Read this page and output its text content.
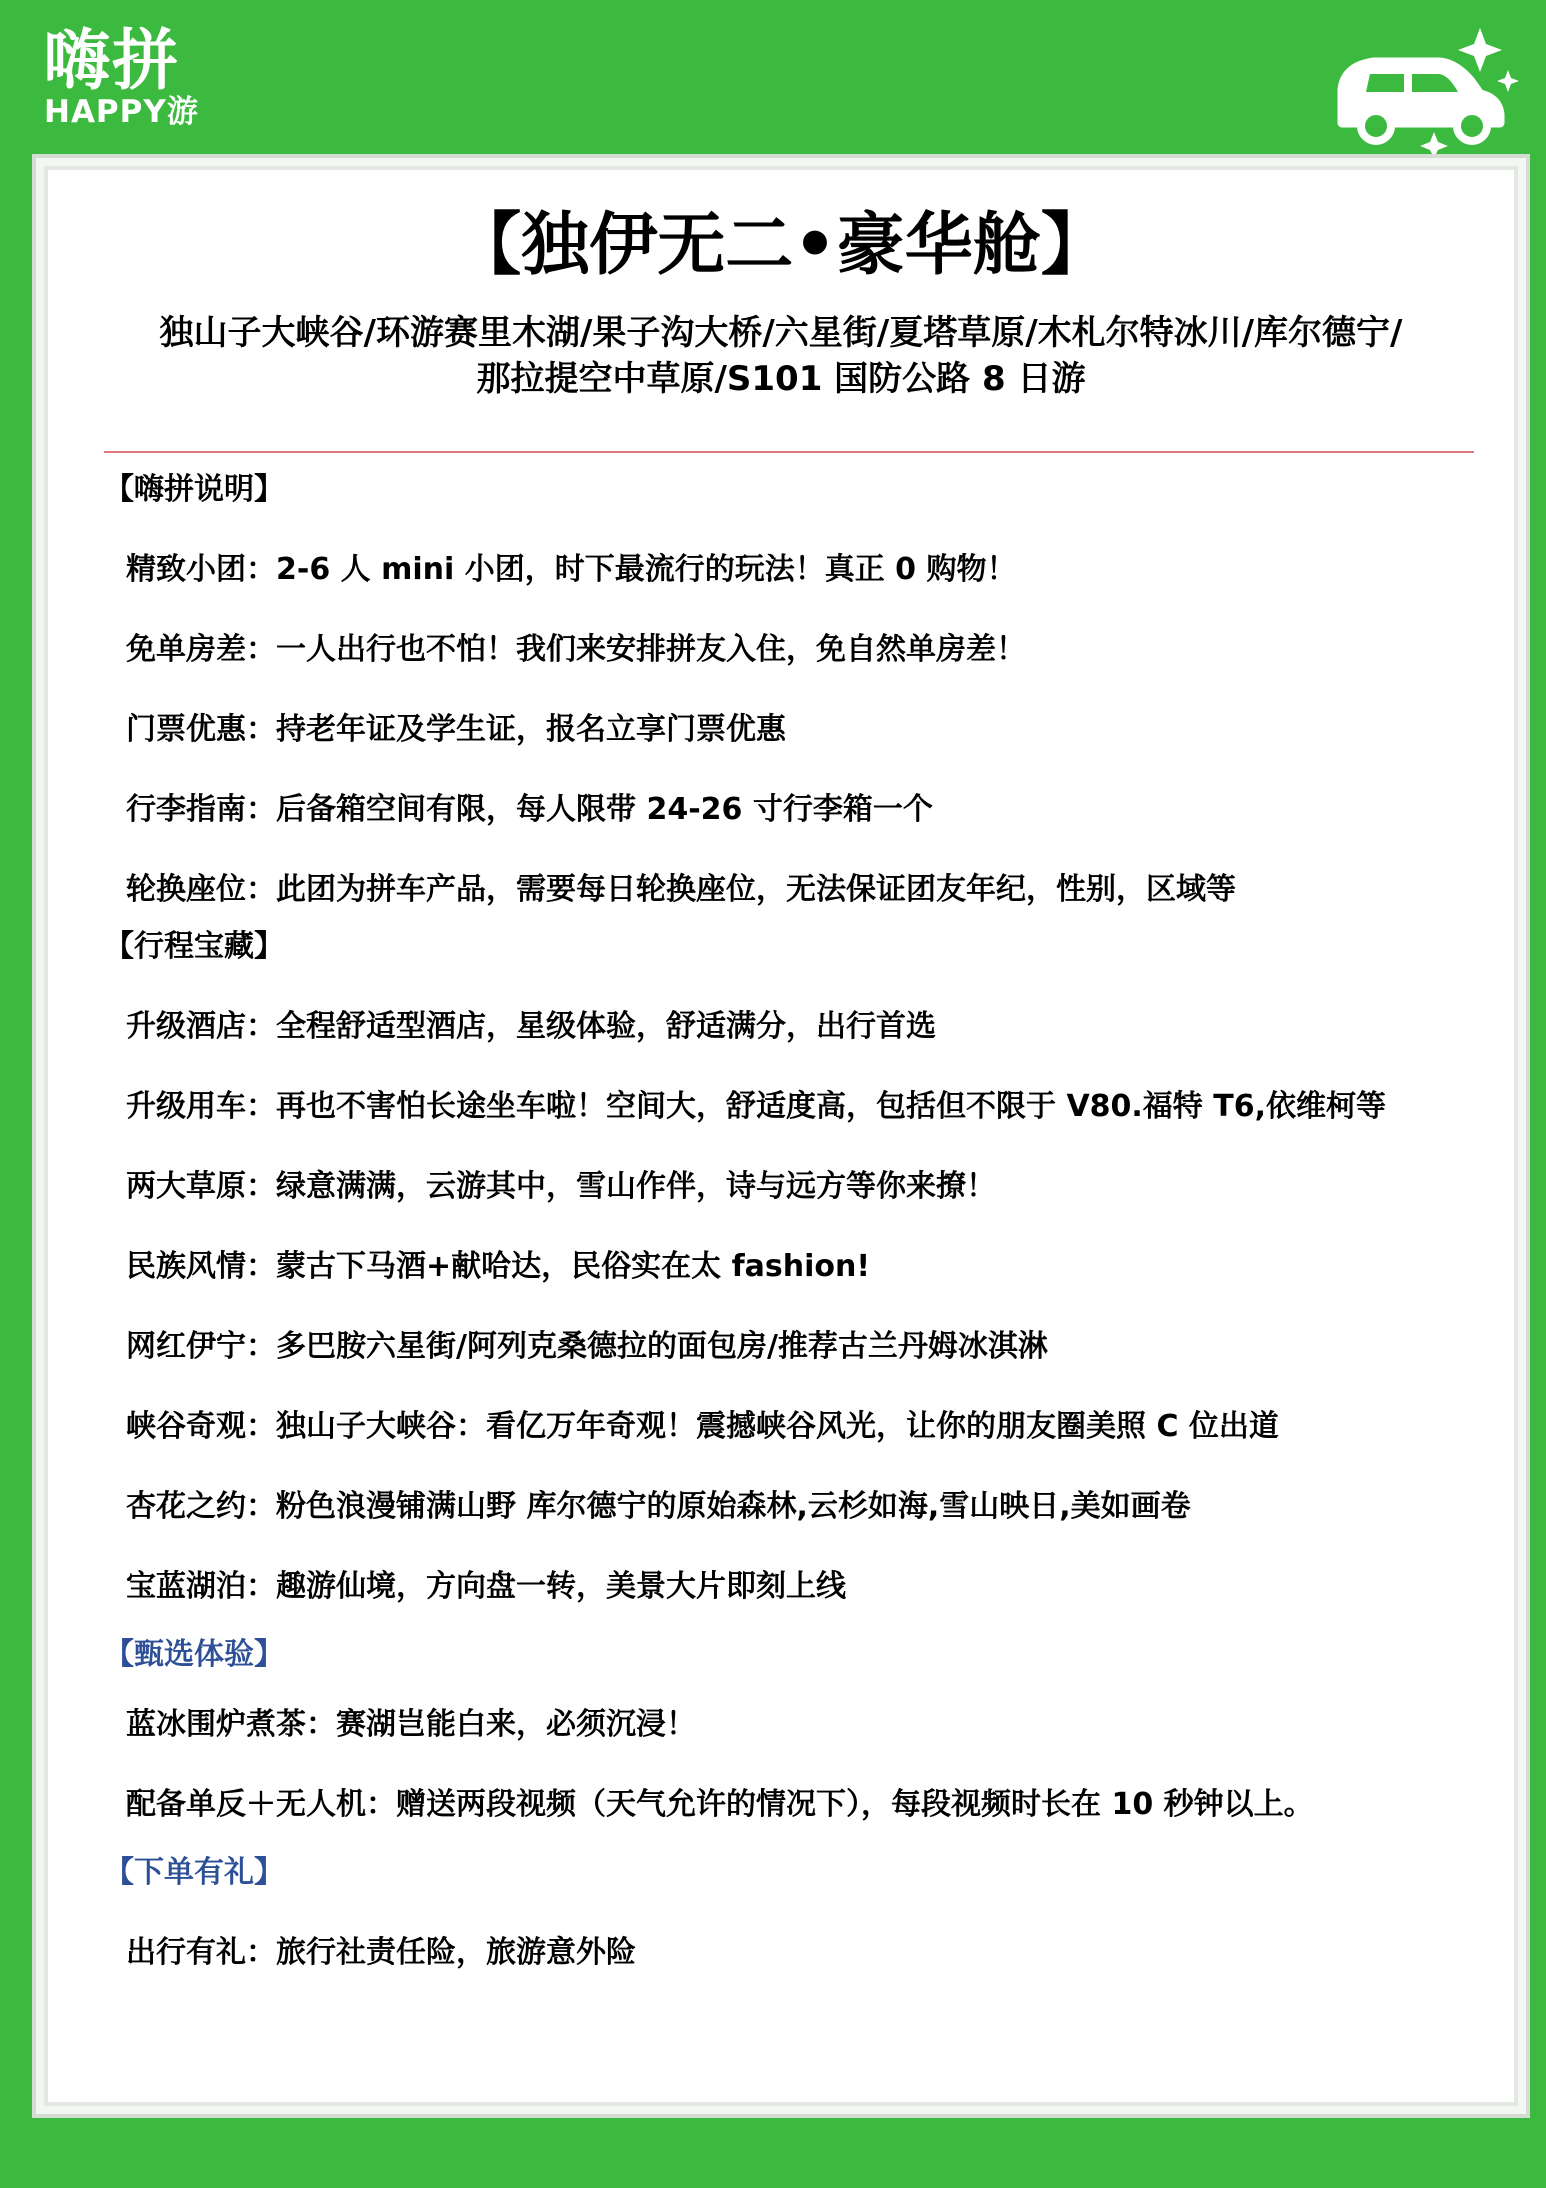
嗨拼
HAPPY游
【独伊无二•豪华舱】
独山子大峡谷/环游赛里木湖/果子沟大桥/六星街/夏塔草原/木札尔特冰川/库尔德宁/
那拉提空中草原/S101 国防公路 8 日游
【嗨拼说明】
精致小团：2-6 人 mini 小团，时下最流行的玩法！真正 0 购物！
免单房差：一人出行也不怕！我们来安排拼友入住，免自然单房差！
门票优惠：持老年证及学生证，报名立享门票优惠
行李指南：后备箱空间有限，每人限带 24-26 寸行李箱一个
轮换座位：此团为拼车产品，需要每日轮换座位，无法保证团友年纪，性别，区域等
【行程宝藏】
升级酒店：全程舒适型酒店，星级体验，舒适满分，出行首选
升级用车：再也不害怕长途坐车啦！空间大，舒适度高，包括但不限于 V80.福特 T6,依维柯等
两大草原：绿意满满，云游其中，雪山作伴，诗与远方等你来撩！
民族风情：蒙古下马酒+献哈达，民俗实在太 fashion!
网红伊宁：多巴胺六星街/阿列克桑德拉的面包房/推荐古兰丹姆冰淇淋
峡谷奇观：独山子大峡谷：看亿万年奇观！震撼峡谷风光，让你的朋友圈美照 C 位出道
杏花之约：粉色浪漫铺满山野 库尔德宁的原始森林,云杉如海,雪山映日,美如画卷
宝蓝湖泊：趣游仙境，方向盘一转，美景大片即刻上线
【甄选体验】
蓝冰围炉煮茶：赛湖岂能白来，必须沉浸！
配备单反＋无人机：赠送两段视频（天气允许的情况下），每段视频时长在 10 秒钟以上。
【下单有礼】
出行有礼：旅行社责任险，旅游意外险
